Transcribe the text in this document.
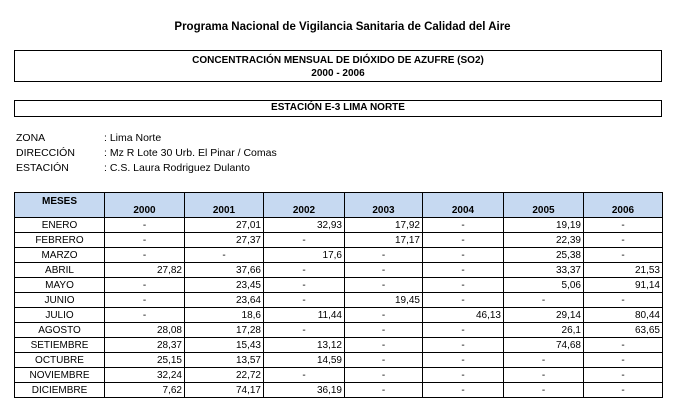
Programa Nacional de Vigilancia Sanitaria de Calidad del Aire
CONCENTRACIÓN MENSUAL DE DIÓXIDO DE AZUFRE (SO2)
2000 - 2006
ESTACIÓN E-3 LIMA NORTE
ZONA	: Lima Norte
DIRECCIÓN	: Mz R Lote 30 Urb. El Pinar / Comas
ESTACIÓN	: C.S. Laura Rodriguez Dulanto
MESES	2000	2001	2002	2003	2004	2005	2006
ENERO	-	27,01	32,93	17,92	-	19,19	-
FEBRERO	-	27,37	-	17,17	-	22,39	-
MARZO	-	-	17,6	-	-	25,38	-
ABRIL	27,82	37,66	-	-	-	33,37	21,53
MAYO	-	23,45	-	-	-	5,06	91,14
JUNIO	-	23,64	-	19,45	-	-	-
JULIO	-	18,6	11,44	-	46,13	29,14	80,44
AGOSTO	28,08	17,28	-	-	-	26,1	63,65
SETIEMBRE	28,37	15,43	13,12	-	-	74,68	-
OCTUBRE	25,15	13,57	14,59	-	-	-	-
NOVIEMBRE	32,24	22,72	-	-	-	-	-
DICIEMBRE	7,62	74,17	36,19	-	-	-	-
